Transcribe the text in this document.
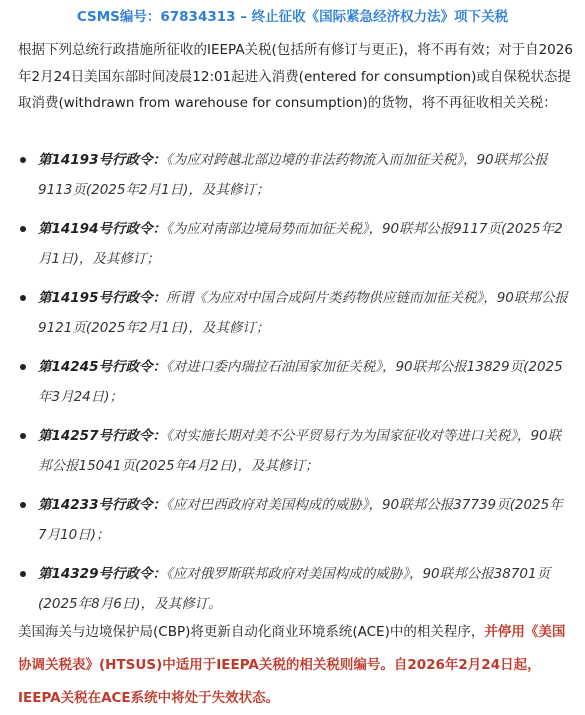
CSMS编号：67834313 – 终止征收《国际紧急经济权力法》项下关税

根据下列总统行政措施所征收的IEEPA关税(包括所有修订与更正)，将不再有效；对于自2026年2月24日美国东部时间凌晨12:01起进入消费(entered for consumption)或自保税状态提取消费(withdrawn from warehouse for consumption)的货物，将不再征收相关关税：

第14193号行政令：《为应对跨越北部边境的非法药物流入而加征关税》，90联邦公报9113页(2025年2月1日)，及其修订；
第14194号行政令：《为应对南部边境局势而加征关税》，90联邦公报9117页(2025年2月1日)，及其修订；
第14195号行政令：所谓《为应对中国合成阿片类药物供应链而加征关税》，90联邦公报9121页(2025年2月1日)，及其修订；
第14245号行政令：《对进口委内瑞拉石油国家加征关税》，90联邦公报13829页(2025年3月24日)；
第14257号行政令：《对实施长期对美不公平贸易行为为国家征收对等进口关税》，90联邦公报15041页(2025年4月2日)，及其修订；
第14233号行政令：《应对巴西政府对美国构成的威胁》，90联邦公报37739页(2025年7月10日)；
第14329号行政令：《应对俄罗斯联邦政府对美国构成的威胁》，90联邦公报38701页(2025年8月6日)，及其修订。

美国海关与边境保护局(CBP)将更新自动化商业环境系统(ACE)中的相关程序，并停用《美国协调关税表》(HTSUS)中适用于IEEPA关税的相关税则编号。自2026年2月24日起，IEEPA关税在ACE系统中将处于失效状态。
